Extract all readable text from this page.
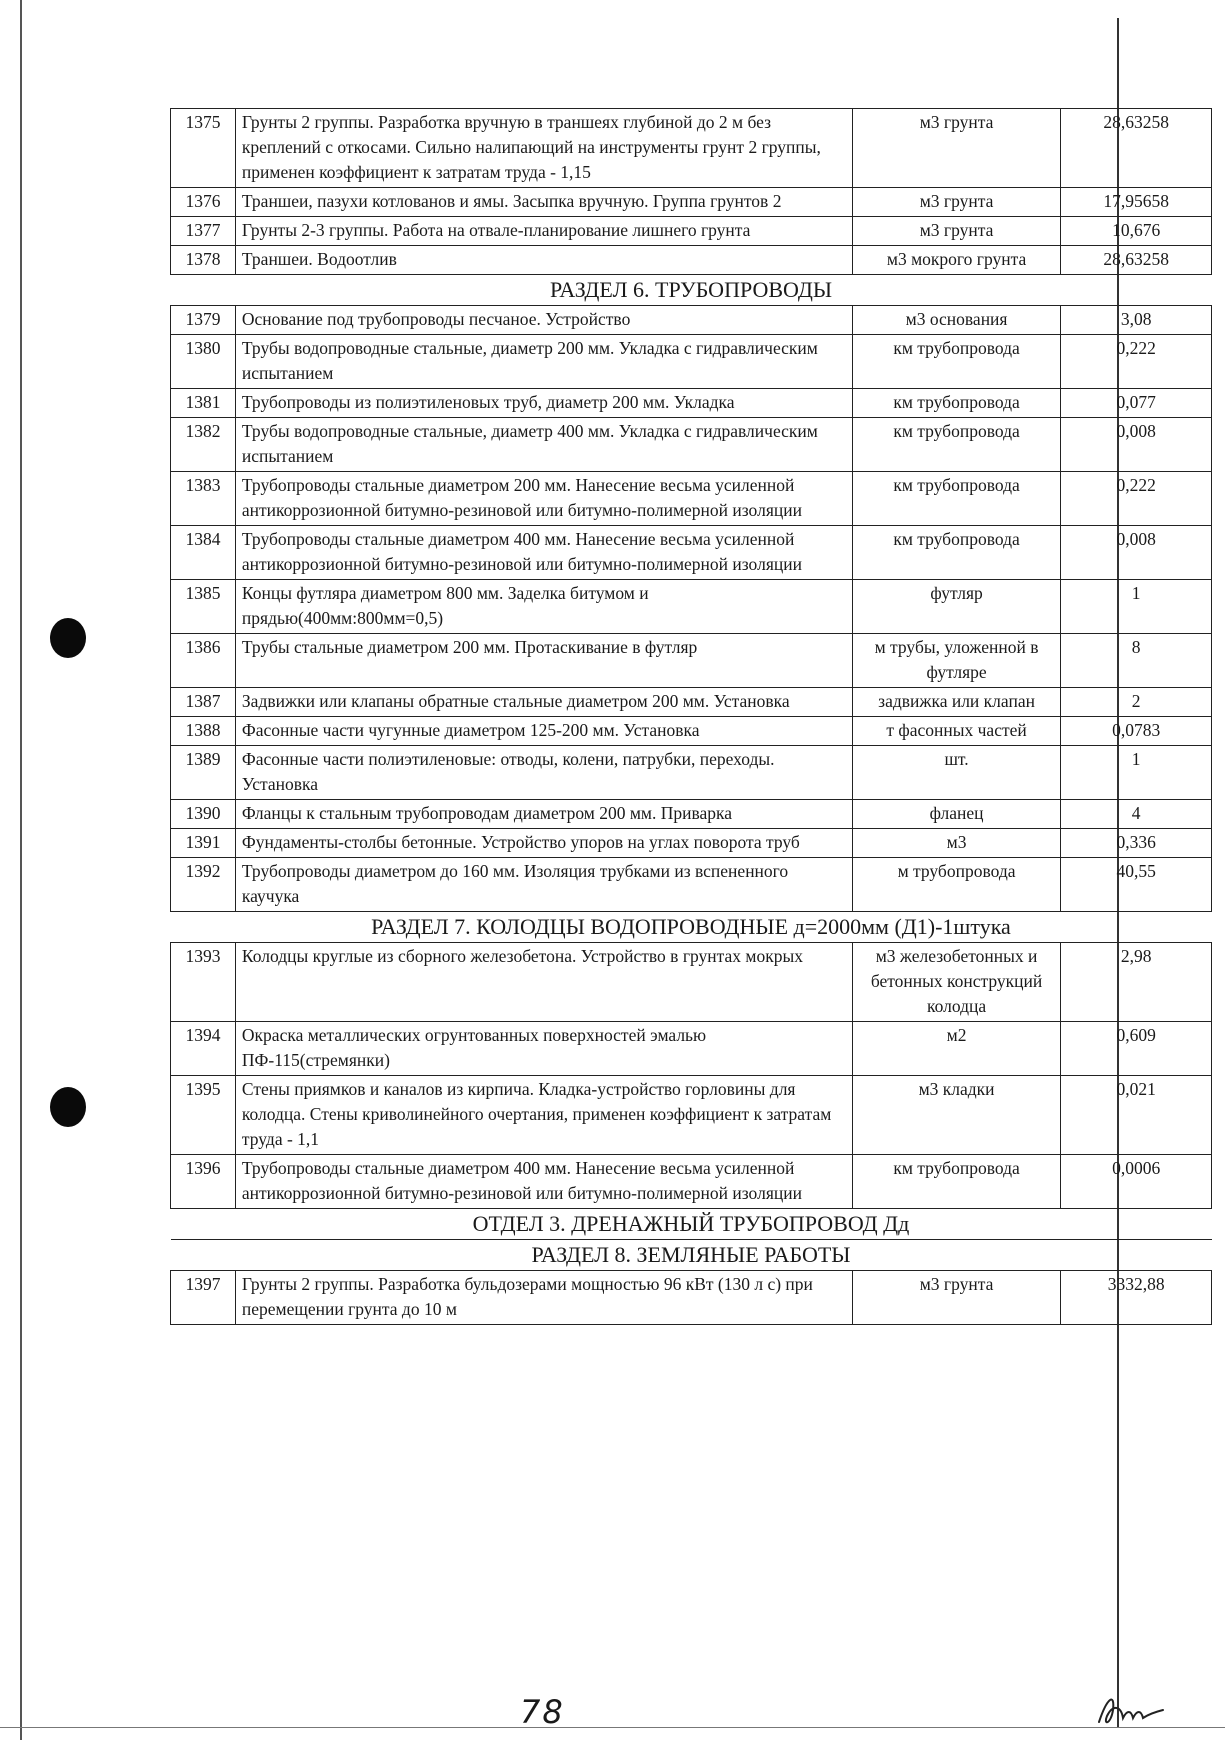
1375	Грунты 2 группы. Разработка вручную в траншеях глубиной до 2 м без креплений с откосами. Сильно налипающий на инструменты грунт 2 группы, применен коэффициент к затратам труда - 1,15	м3 грунта	28,63258
1376	Траншеи, пазухи котлованов и ямы. Засыпка вручную. Группа грунтов 2	м3 грунта	17,95658
1377	Грунты 2-3 группы. Работа на отвале-планирование лишнего грунта	м3 грунта	10,676
1378	Траншеи. Водоотлив	м3 мокрого грунта	28,63258
РАЗДЕЛ 6. ТРУБОПРОВОДЫ			
1379	Основание под трубопроводы песчаное. Устройство	м3 основания	3,08
1380	Трубы водопроводные стальные, диаметр 200 мм. Укладка с гидравлическим испытанием	км трубопровода	0,222
1381	Трубопроводы из полиэтиленовых труб, диаметр 200 мм. Укладка	км трубопровода	0,077
1382	Трубы водопроводные стальные, диаметр 400 мм. Укладка с гидравлическим испытанием	км трубопровода	0,008
1383	Трубопроводы стальные диаметром 200 мм. Нанесение весьма усиленной антикоррозионной битумно-резиновой или битумно-полимерной изоляции	км трубопровода	0,222
1384	Трубопроводы стальные диаметром 400 мм. Нанесение весьма усиленной антикоррозионной битумно-резиновой или битумно-полимерной изоляции	км трубопровода	0,008
1385	Концы футляра диаметром 800 мм. Заделка битумом и прядью(400мм:800мм=0,5)	футляр	1
1386	Трубы стальные диаметром 200 мм. Протаскивание в футляр	м трубы, уложенной в футляре	8
1387	Задвижки или клапаны обратные стальные диаметром 200 мм. Установка	задвижка или клапан	2
1388	Фасонные части чугунные диаметром 125-200 мм. Установка	т фасонных частей	0,0783
1389	Фасонные части полиэтиленовые: отводы, колени, патрубки, переходы. Установка	шт.	1
1390	Фланцы к стальным трубопроводам диаметром 200 мм. Приварка	фланец	4
1391	Фундаменты-столбы бетонные. Устройство упоров на углах поворота труб	м3	0,336
1392	Трубопроводы диаметром до 160 мм. Изоляция трубками из вспененного каучука	м трубопровода	40,55
РАЗДЕЛ 7. КОЛОДЦЫ ВОДОПРОВОДНЫЕ д=2000мм (Д1)-1штука			
1393	Колодцы круглые из сборного железобетона. Устройство в грунтах мокрых	м3 железобетонных и бетонных конструкций колодца	2,98
1394	Окраска металлических огрунтованных поверхностей эмалью ПФ-115(стремянки)	м2	0,609
1395	Стены приямков и каналов из кирпича. Кладка-устройство горловины для колодца. Стены криволинейного очертания, применен коэффициент к затратам труда - 1,1	м3 кладки	0,021
1396	Трубопроводы стальные диаметром 400 мм. Нанесение весьма усиленной антикоррозионной битумно-резиновой или битумно-полимерной изоляции	км трубопровода	0,0006
ОТДЕЛ 3. ДРЕНАЖНЫЙ ТРУБОПРОВОД Дд			
РАЗДЕЛ 8. ЗЕМЛЯНЫЕ РАБОТЫ			
1397	Грунты 2 группы. Разработка бульдозерами мощностью 96 кВт (130 л с) при перемещении грунта до 10 м	м3 грунта	3332,88
78
